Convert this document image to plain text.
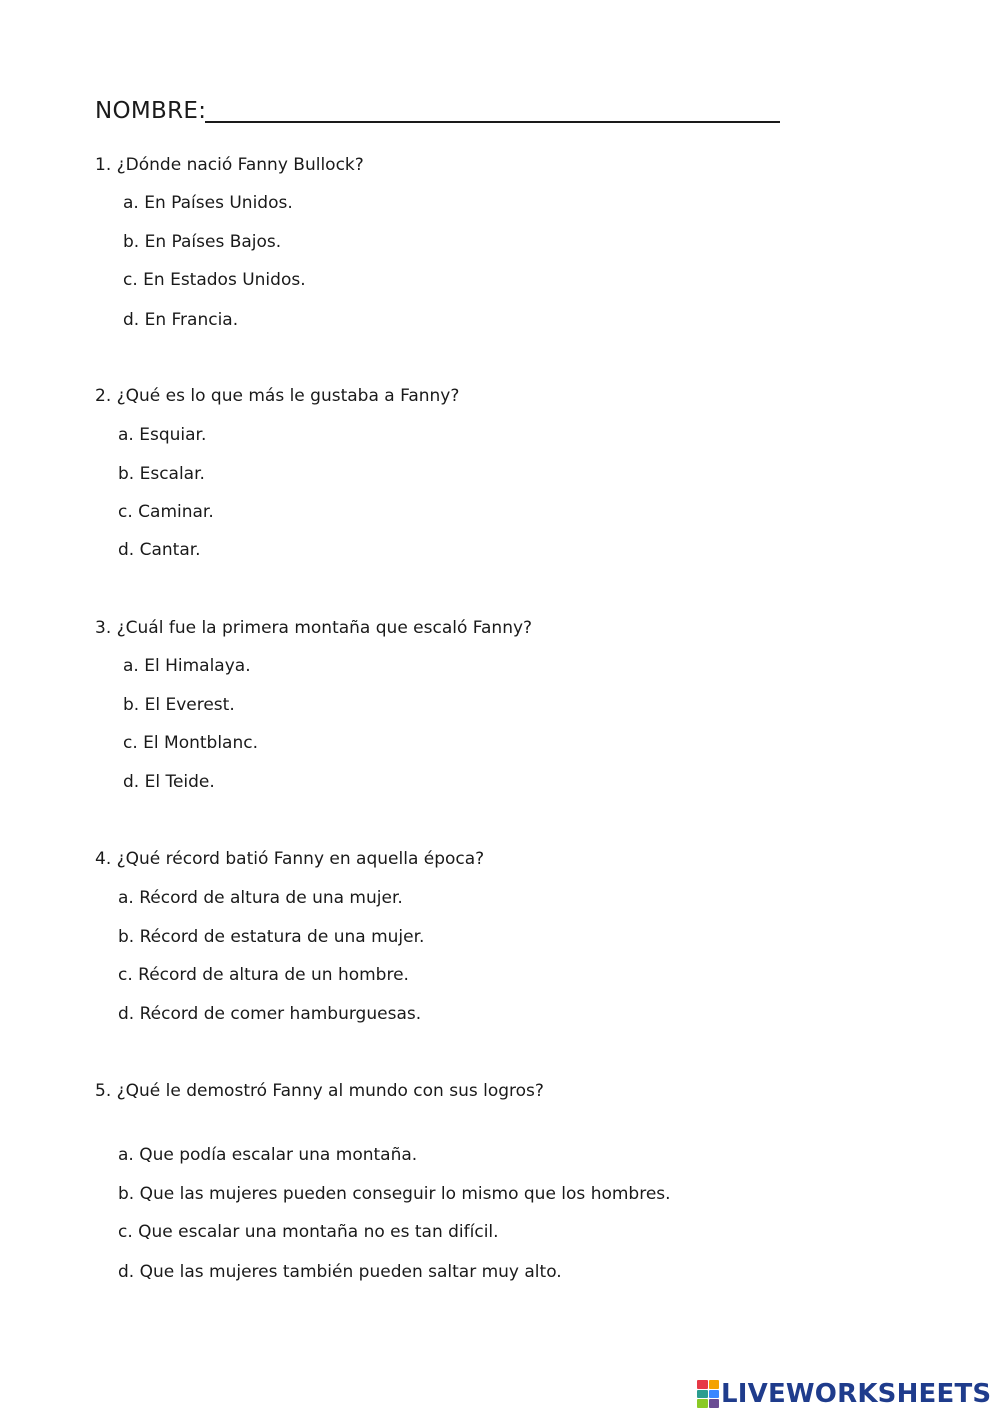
NOMBRE:
1. ¿Dónde nació Fanny Bullock?
a. En Países Unidos.
b. En Países Bajos.
c. En Estados Unidos.
d. En Francia.
2. ¿Qué es lo que más le gustaba a Fanny?
a. Esquiar.
b. Escalar.
c. Caminar.
d. Cantar.
3. ¿Cuál fue la primera montaña que escaló Fanny?
a. El Himalaya.
b. El Everest.
c. El Montblanc.
d. El Teide.
4. ¿Qué récord batió Fanny en aquella época?
a. Récord de altura de una mujer.
b. Récord de estatura de una mujer.
c. Récord de altura de un hombre.
d. Récord de comer hamburguesas.
5. ¿Qué le demostró Fanny al mundo con sus logros?
a. Que podía escalar una montaña.
b. Que las mujeres pueden conseguir lo mismo que los hombres.
c. Que escalar una montaña no es tan difícil.
d. Que las mujeres también pueden saltar muy alto.
LIVEWORKSHEETS
